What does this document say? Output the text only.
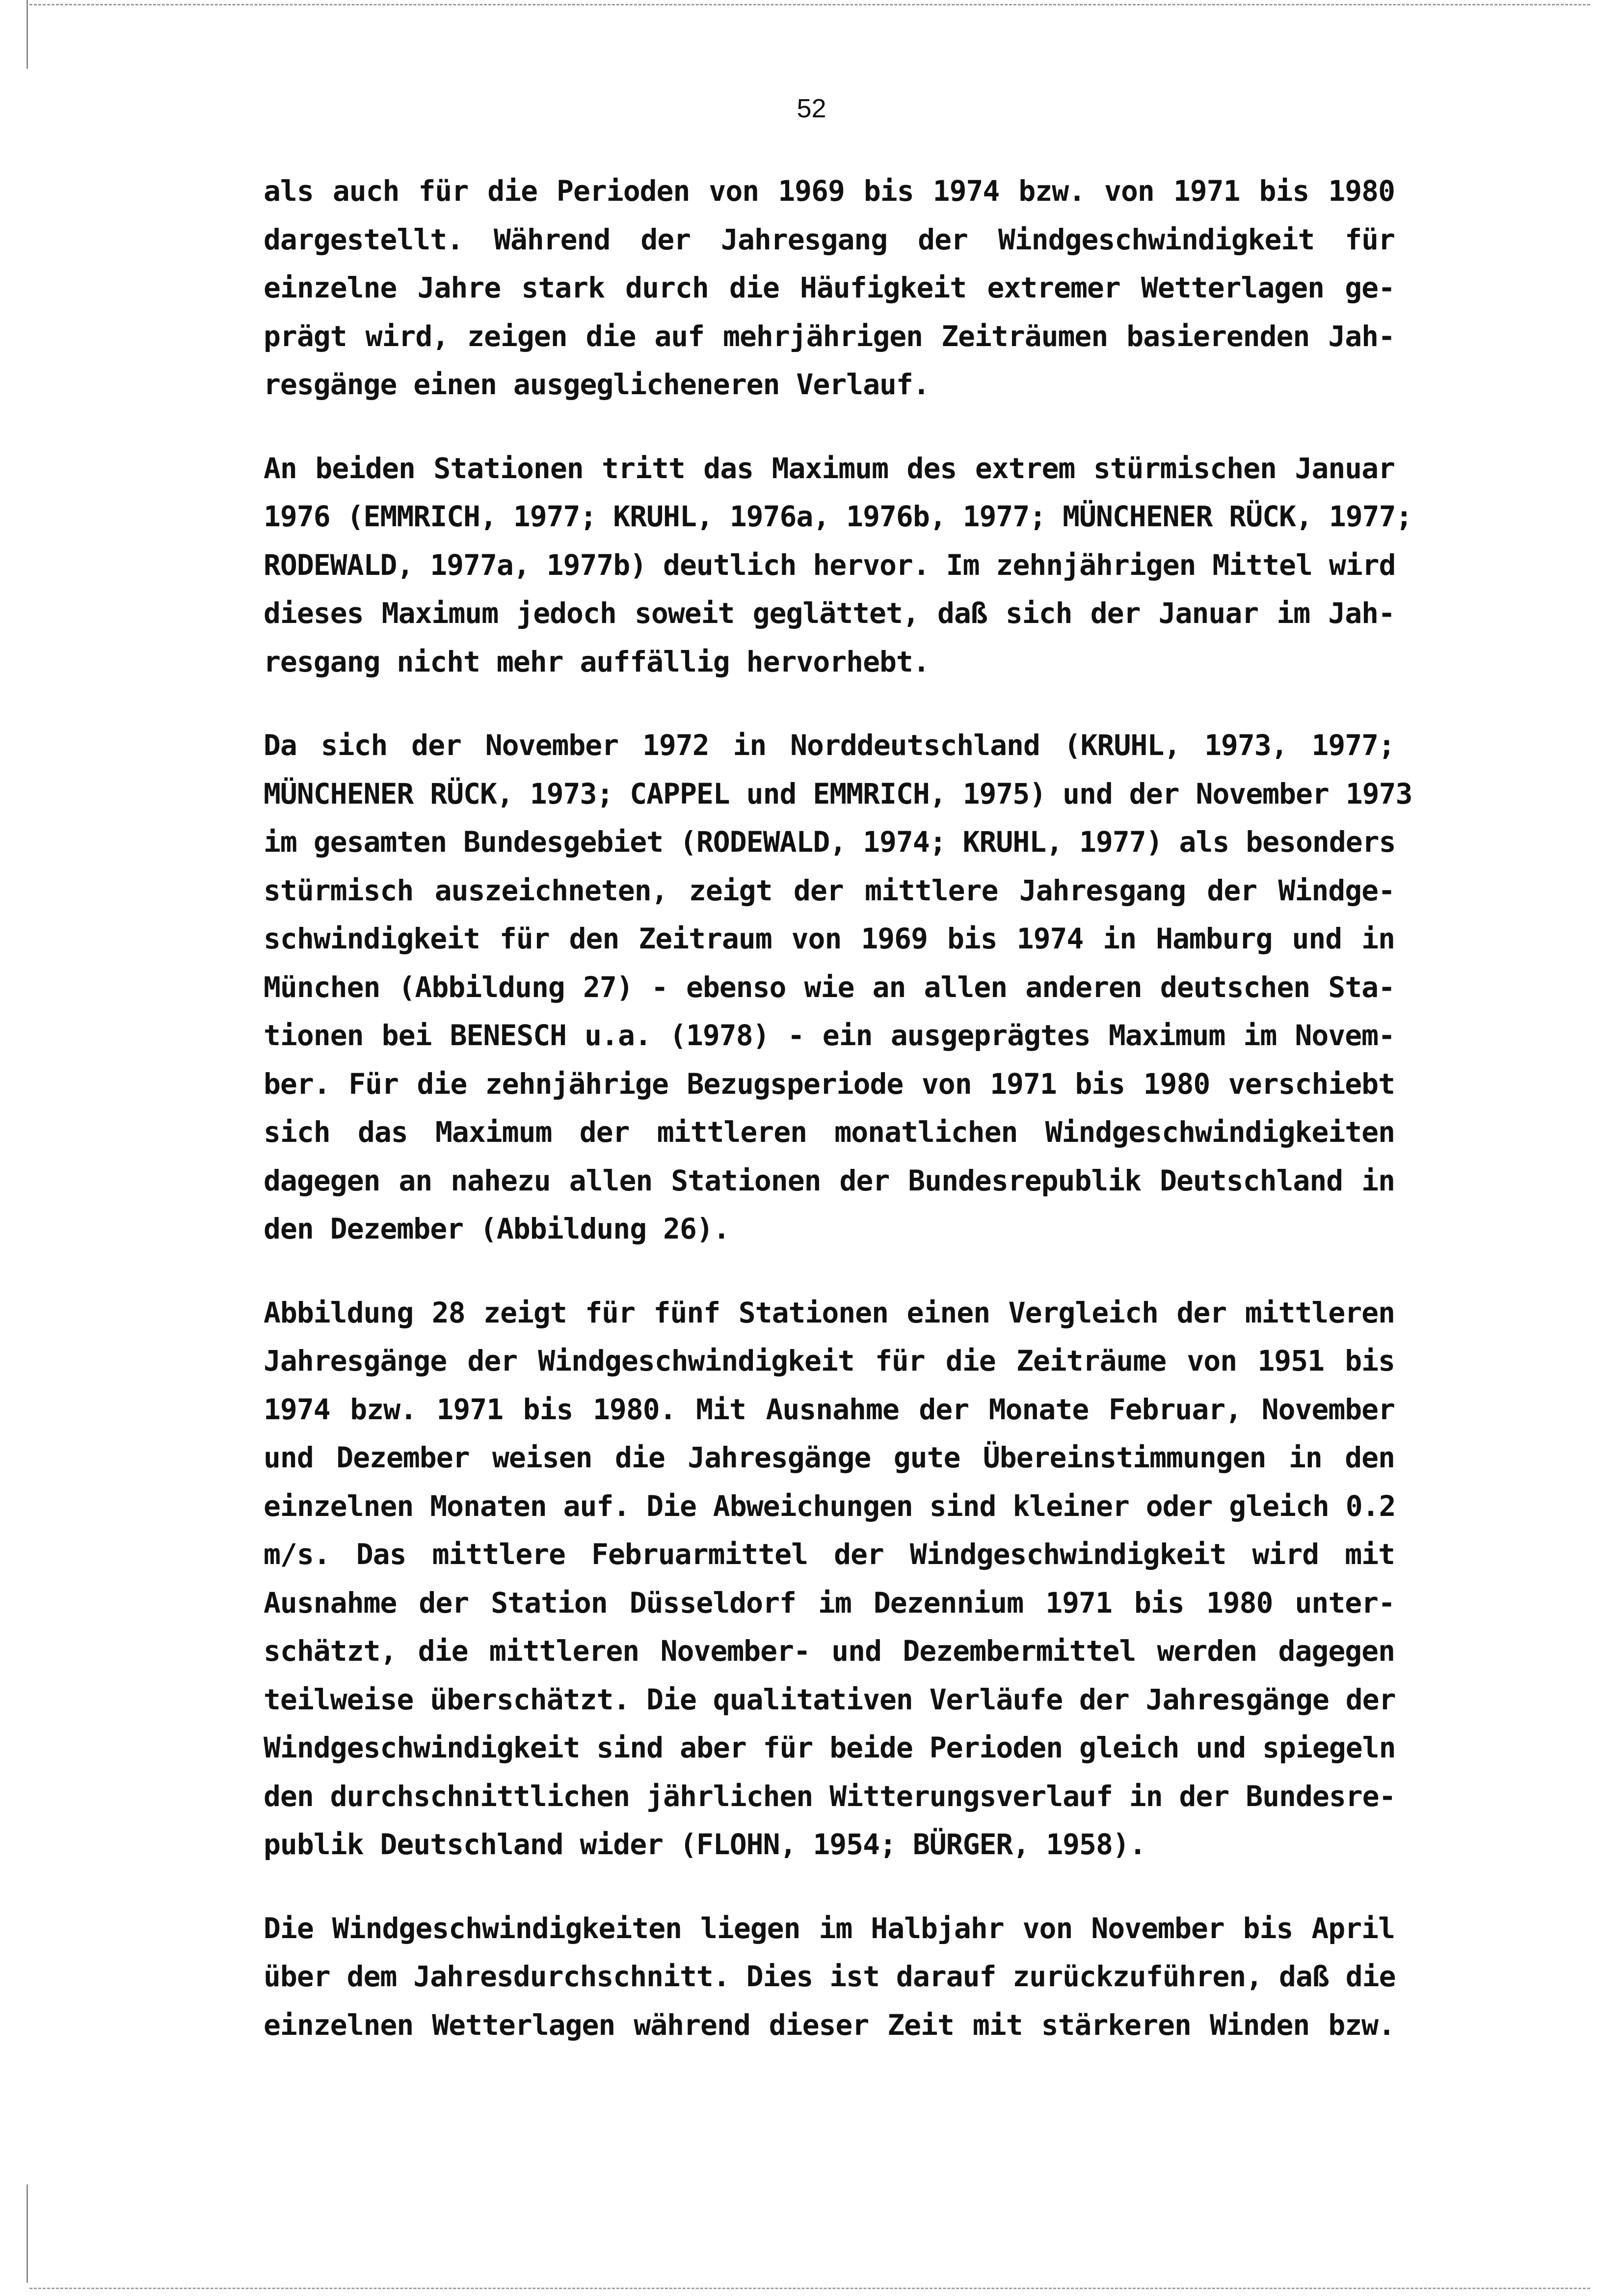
52
als auch für die Perioden von 1969 bis 1974 bzw. von 1971 bis 1980
dargestellt. Während der Jahresgang der Windgeschwindigkeit für
einzelne Jahre stark durch die Häufigkeit extremer Wetterlagen ge-
prägt wird, zeigen die auf mehrjährigen Zeiträumen basierenden Jah-
resgänge einen ausgeglicheneren Verlauf.
An beiden Stationen tritt das Maximum des extrem stürmischen Januar
1976 (EMMRICH, 1977; KRUHL, 1976a, 1976b, 1977; MÜNCHENER RÜCK, 1977;
RODEWALD, 1977a, 1977b) deutlich hervor. Im zehnjährigen Mittel wird
dieses Maximum jedoch soweit geglättet, daß sich der Januar im Jah-
resgang nicht mehr auffällig hervorhebt.
Da sich der November 1972 in Norddeutschland (KRUHL, 1973, 1977;
MÜNCHENER RÜCK, 1973; CAPPEL und EMMRICH, 1975) und der November 1973
im gesamten Bundesgebiet (RODEWALD, 1974; KRUHL, 1977) als besonders
stürmisch auszeichneten, zeigt der mittlere Jahresgang der Windge-
schwindigkeit für den Zeitraum von 1969 bis 1974 in Hamburg und in
München (Abbildung 27) - ebenso wie an allen anderen deutschen Sta-
tionen bei BENESCH u.a. (1978) - ein ausgeprägtes Maximum im Novem-
ber. Für die zehnjährige Bezugsperiode von 1971 bis 1980 verschiebt
sich das Maximum der mittleren monatlichen Windgeschwindigkeiten
dagegen an nahezu allen Stationen der Bundesrepublik Deutschland in
den Dezember (Abbildung 26).
Abbildung 28 zeigt für fünf Stationen einen Vergleich der mittleren
Jahresgänge der Windgeschwindigkeit für die Zeiträume von 1951 bis
1974 bzw. 1971 bis 1980. Mit Ausnahme der Monate Februar, November
und Dezember weisen die Jahresgänge gute Übereinstimmungen in den
einzelnen Monaten auf. Die Abweichungen sind kleiner oder gleich 0.2
m/s. Das mittlere Februarmittel der Windgeschwindigkeit wird mit
Ausnahme der Station Düsseldorf im Dezennium 1971 bis 1980 unter-
schätzt, die mittleren November- und Dezembermittel werden dagegen
teilweise überschätzt. Die qualitativen Verläufe der Jahresgänge der
Windgeschwindigkeit sind aber für beide Perioden gleich und spiegeln
den durchschnittlichen jährlichen Witterungsverlauf in der Bundesre-
publik Deutschland wider (FLOHN, 1954; BÜRGER, 1958).
Die Windgeschwindigkeiten liegen im Halbjahr von November bis April
über dem Jahresdurchschnitt. Dies ist darauf zurückzuführen, daß die
einzelnen Wetterlagen während dieser Zeit mit stärkeren Winden bzw.
